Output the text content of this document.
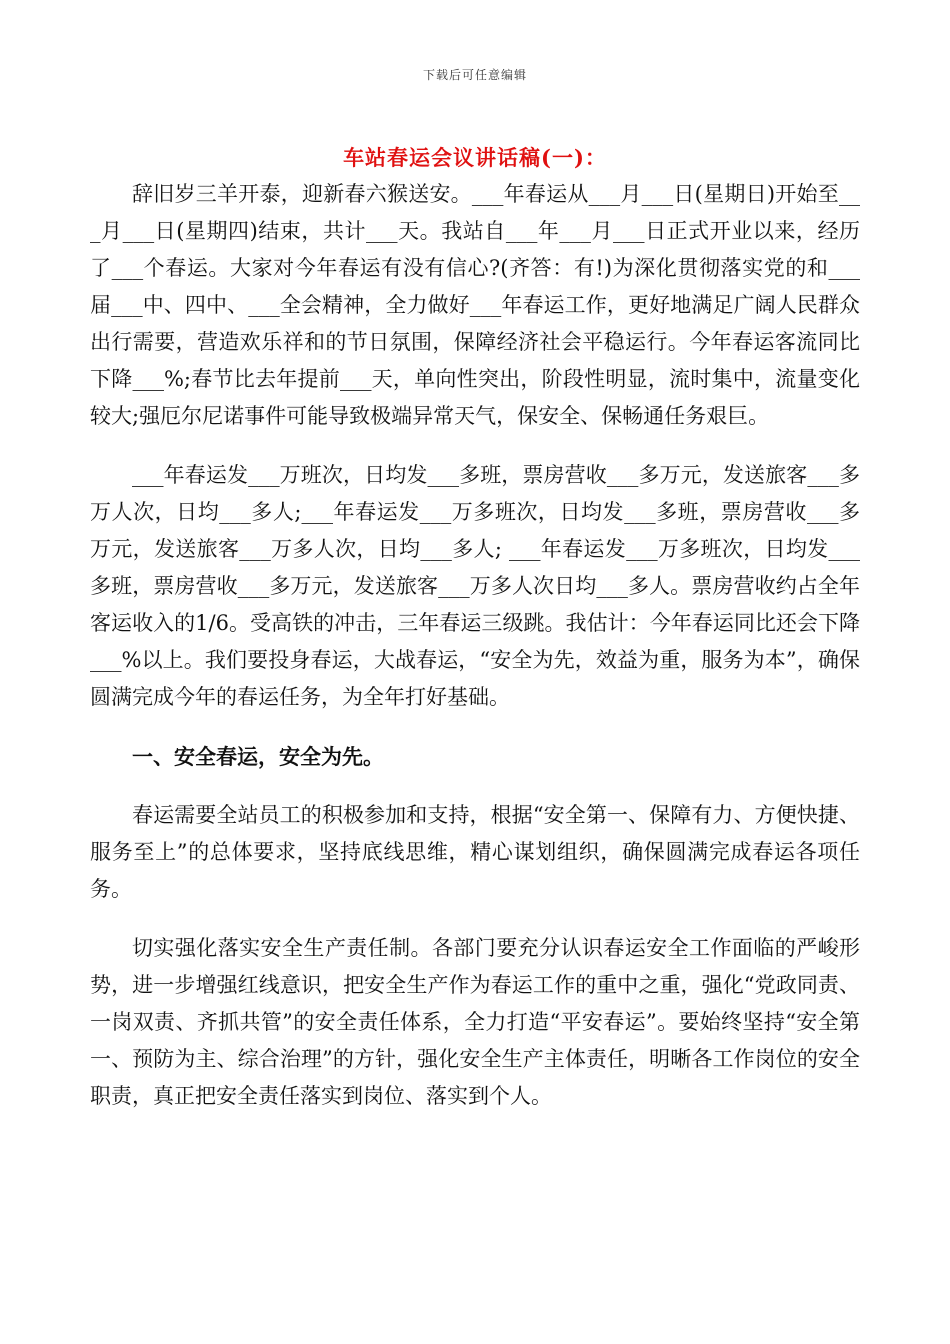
下载后可任意编辑
车站春运会议讲话稿(一)：

辞旧岁三羊开泰，迎新春六猴送安。___年春运从___月___日(星期日)开始至___月___日(星期四)结束，共计___天。我站自___年___月___日正式开业以来，经历了___个春运。大家对今年春运有没有信心?(齐答：有!)为深化贯彻落实党的和___届___中、四中、___全会精神，全力做好___年春运工作，更好地满足广阔人民群众出行需要，营造欢乐祥和的节日氛围，保障经济社会平稳运行。今年春运客流同比下降___%;春节比去年提前___天，单向性突出，阶段性明显，流时集中，流量变化较大;强厄尔尼诺事件可能导致极端异常天气，保安全、保畅通任务艰巨。

___年春运发___万班次，日均发___多班，票房营收___多万元，发送旅客___多万人次，日均___多人;___年春运发___万多班次，日均发___多班，票房营收___多万元，发送旅客___万多人次，日均___多人; ___年春运发___万多班次，日均发___多班，票房营收___多万元，发送旅客___万多人次日均___多人。票房营收约占全年客运收入的1/6。受高铁的冲击，三年春运三级跳。我估计：今年春运同比还会下降___%以上。我们要投身春运，大战春运，“安全为先，效益为重，服务为本”，确保圆满完成今年的春运任务，为全年打好基础。

一、安全春运，安全为先。

春运需要全站员工的积极参加和支持，根据“安全第一、保障有力、方便快捷、服务至上”的总体要求，坚持底线思维，精心谋划组织，确保圆满完成春运各项任务。

切实强化落实安全生产责任制。各部门要充分认识春运安全工作面临的严峻形势，进一步增强红线意识，把安全生产作为春运工作的重中之重，强化“党政同责、一岗双责、齐抓共管”的安全责任体系，全力打造“平安春运”。要始终坚持“安全第一、预防为主、综合治理”的方针，强化安全生产主体责任，明晰各工作岗位的安全职责，真正把安全责任落实到岗位、落实到个人。
